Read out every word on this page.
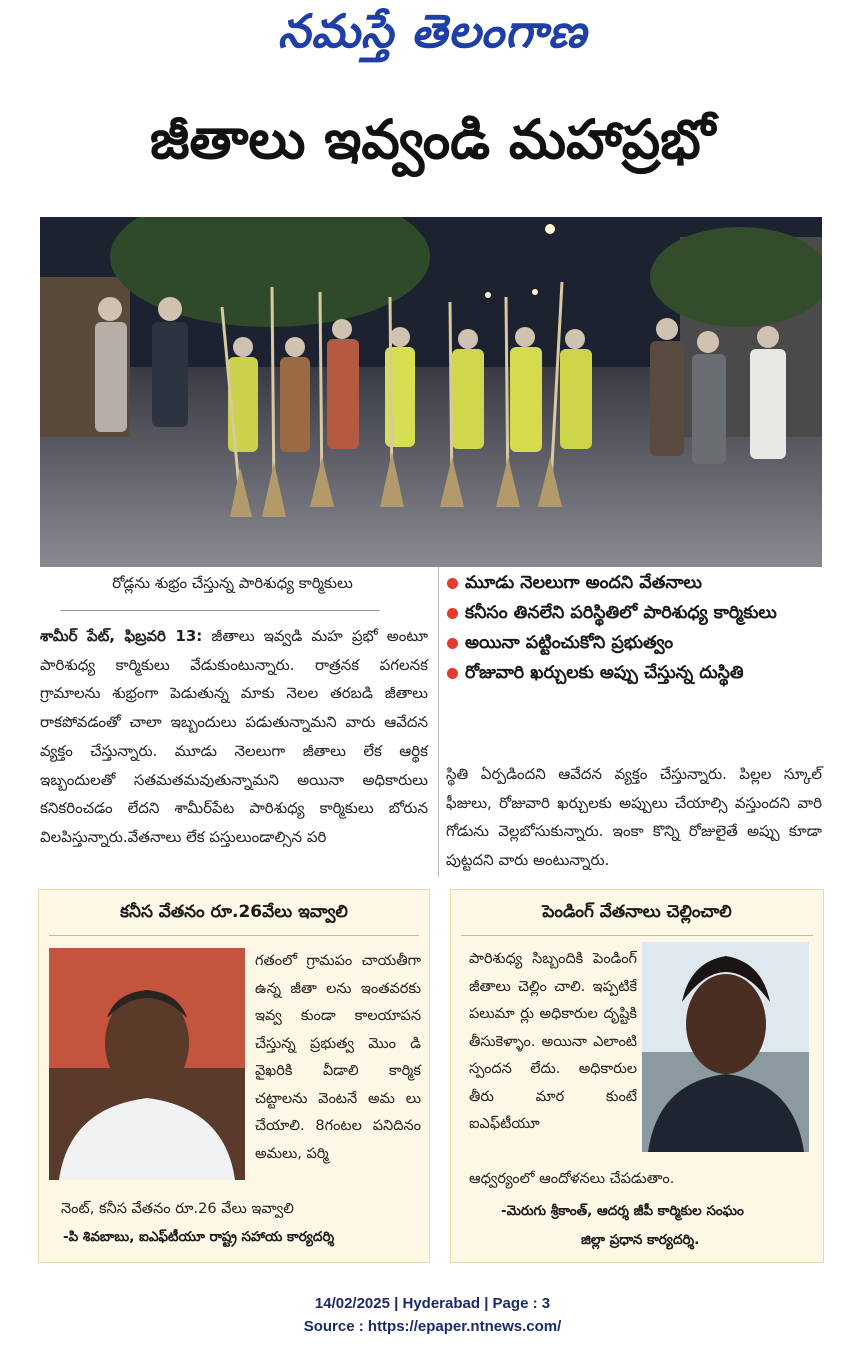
నమస్తే తెలంగాణ
జీతాలు ఇవ్వండి మహాప్రభో
రోడ్లను శుభ్రం చేస్తున్న పారిశుధ్య కార్మికులు	మూడు నెలలుగా అందని వేతనాలు
కనీసం తినలేని పరిస్థితిలో పారిశుధ్య కార్మికులు
అయినా పట్టించుకోని ప్రభుత్వం
రోజువారి ఖర్చులకు అప్పు చేస్తున్న దుస్థితి
శామీర్ పేట్, ఫిబ్రవరి 13: జీతాలు ఇవ్వడి మహ ప్రభో అంటూ పారిశుధ్య కార్మికులు వేడుకుంటున్నారు. రాత్రనక పగలనక గ్రామాలను శుభ్రంగా పెడుతున్న మాకు నెలల తరబడి జీతాలు రాకపోవడంతో చాలా ఇబ్బందులు పడుతున్నామని వారు ఆవేదన వ్యక్తం చేస్తున్నారు. మూడు నెలలుగా జీతాలు లేక ఆర్థిక ఇబ్బందులతో సతమతమవుతున్నామని అయినా అధికారులు కనికరించడం లేదని శామీర్‌పేట పారిశుధ్య కార్మికులు బోరున విలపిస్తున్నారు.వేతనాలు లేక పస్తులుండాల్సిన పరి
స్థితి ఏర్పడిందని ఆవేదన వ్యక్తం చేస్తున్నారు. పిల్లల స్కూల్ ఫీజులు, రోజువారి ఖర్చులకు అప్పులు చేయాల్సి వస్తుందని వారి గోడును వెల్లబోసుకున్నారు. ఇంకా కొన్ని రోజులైతే అప్పు కూడా పుట్టదని వారు అంటున్నారు.
కనీస వేతనం రూ.26వేలు ఇవ్వాలి
గతంలో గ్రామపం చాయతీగా ఉన్న జీతా లను ఇంతవరకు ఇవ్వ కుండా కాలయాపన చేస్తున్న ప్రభుత్వ మొం డి వైఖరికి వీడాలి కార్మిక చట్టాలను వెంటనే అమ లు చేయాలి. 8గంటల పనిదినం అమలు, పర్మి
నెంట్, కనీస వేతనం రూ.26 వేలు ఇవ్వాలి
-పి శివబాబు, ఐఎఫ్‌టీయూ రాష్ట్ర సహాయ కార్యదర్శి
పెండింగ్ వేతనాలు చెల్లించాలి
పారిశుధ్య సిబ్బందికి పెండింగ్ జీతాలు చెల్లిం చాలి. ఇప్పటికే పలుమా ర్లు అధికారుల దృష్టికి తీసుకెళ్ళాం. అయినా ఎలాంటి స్పందన లేదు. అధికారుల తీరు మార కుంటే ఐఎఫ్‌టీయూ
ఆధ్వర్యంలో ఆందోళనలు చేపడుతాం.
-మెరుగు శ్రీకాంత్, ఆదర్శ జీపీ కార్మికుల సంఘం
జిల్లా ప్రధాన కార్యదర్శి.
14/02/2025 | Hyderabad | Page : 3
Source : https://epaper.ntnews.com/
